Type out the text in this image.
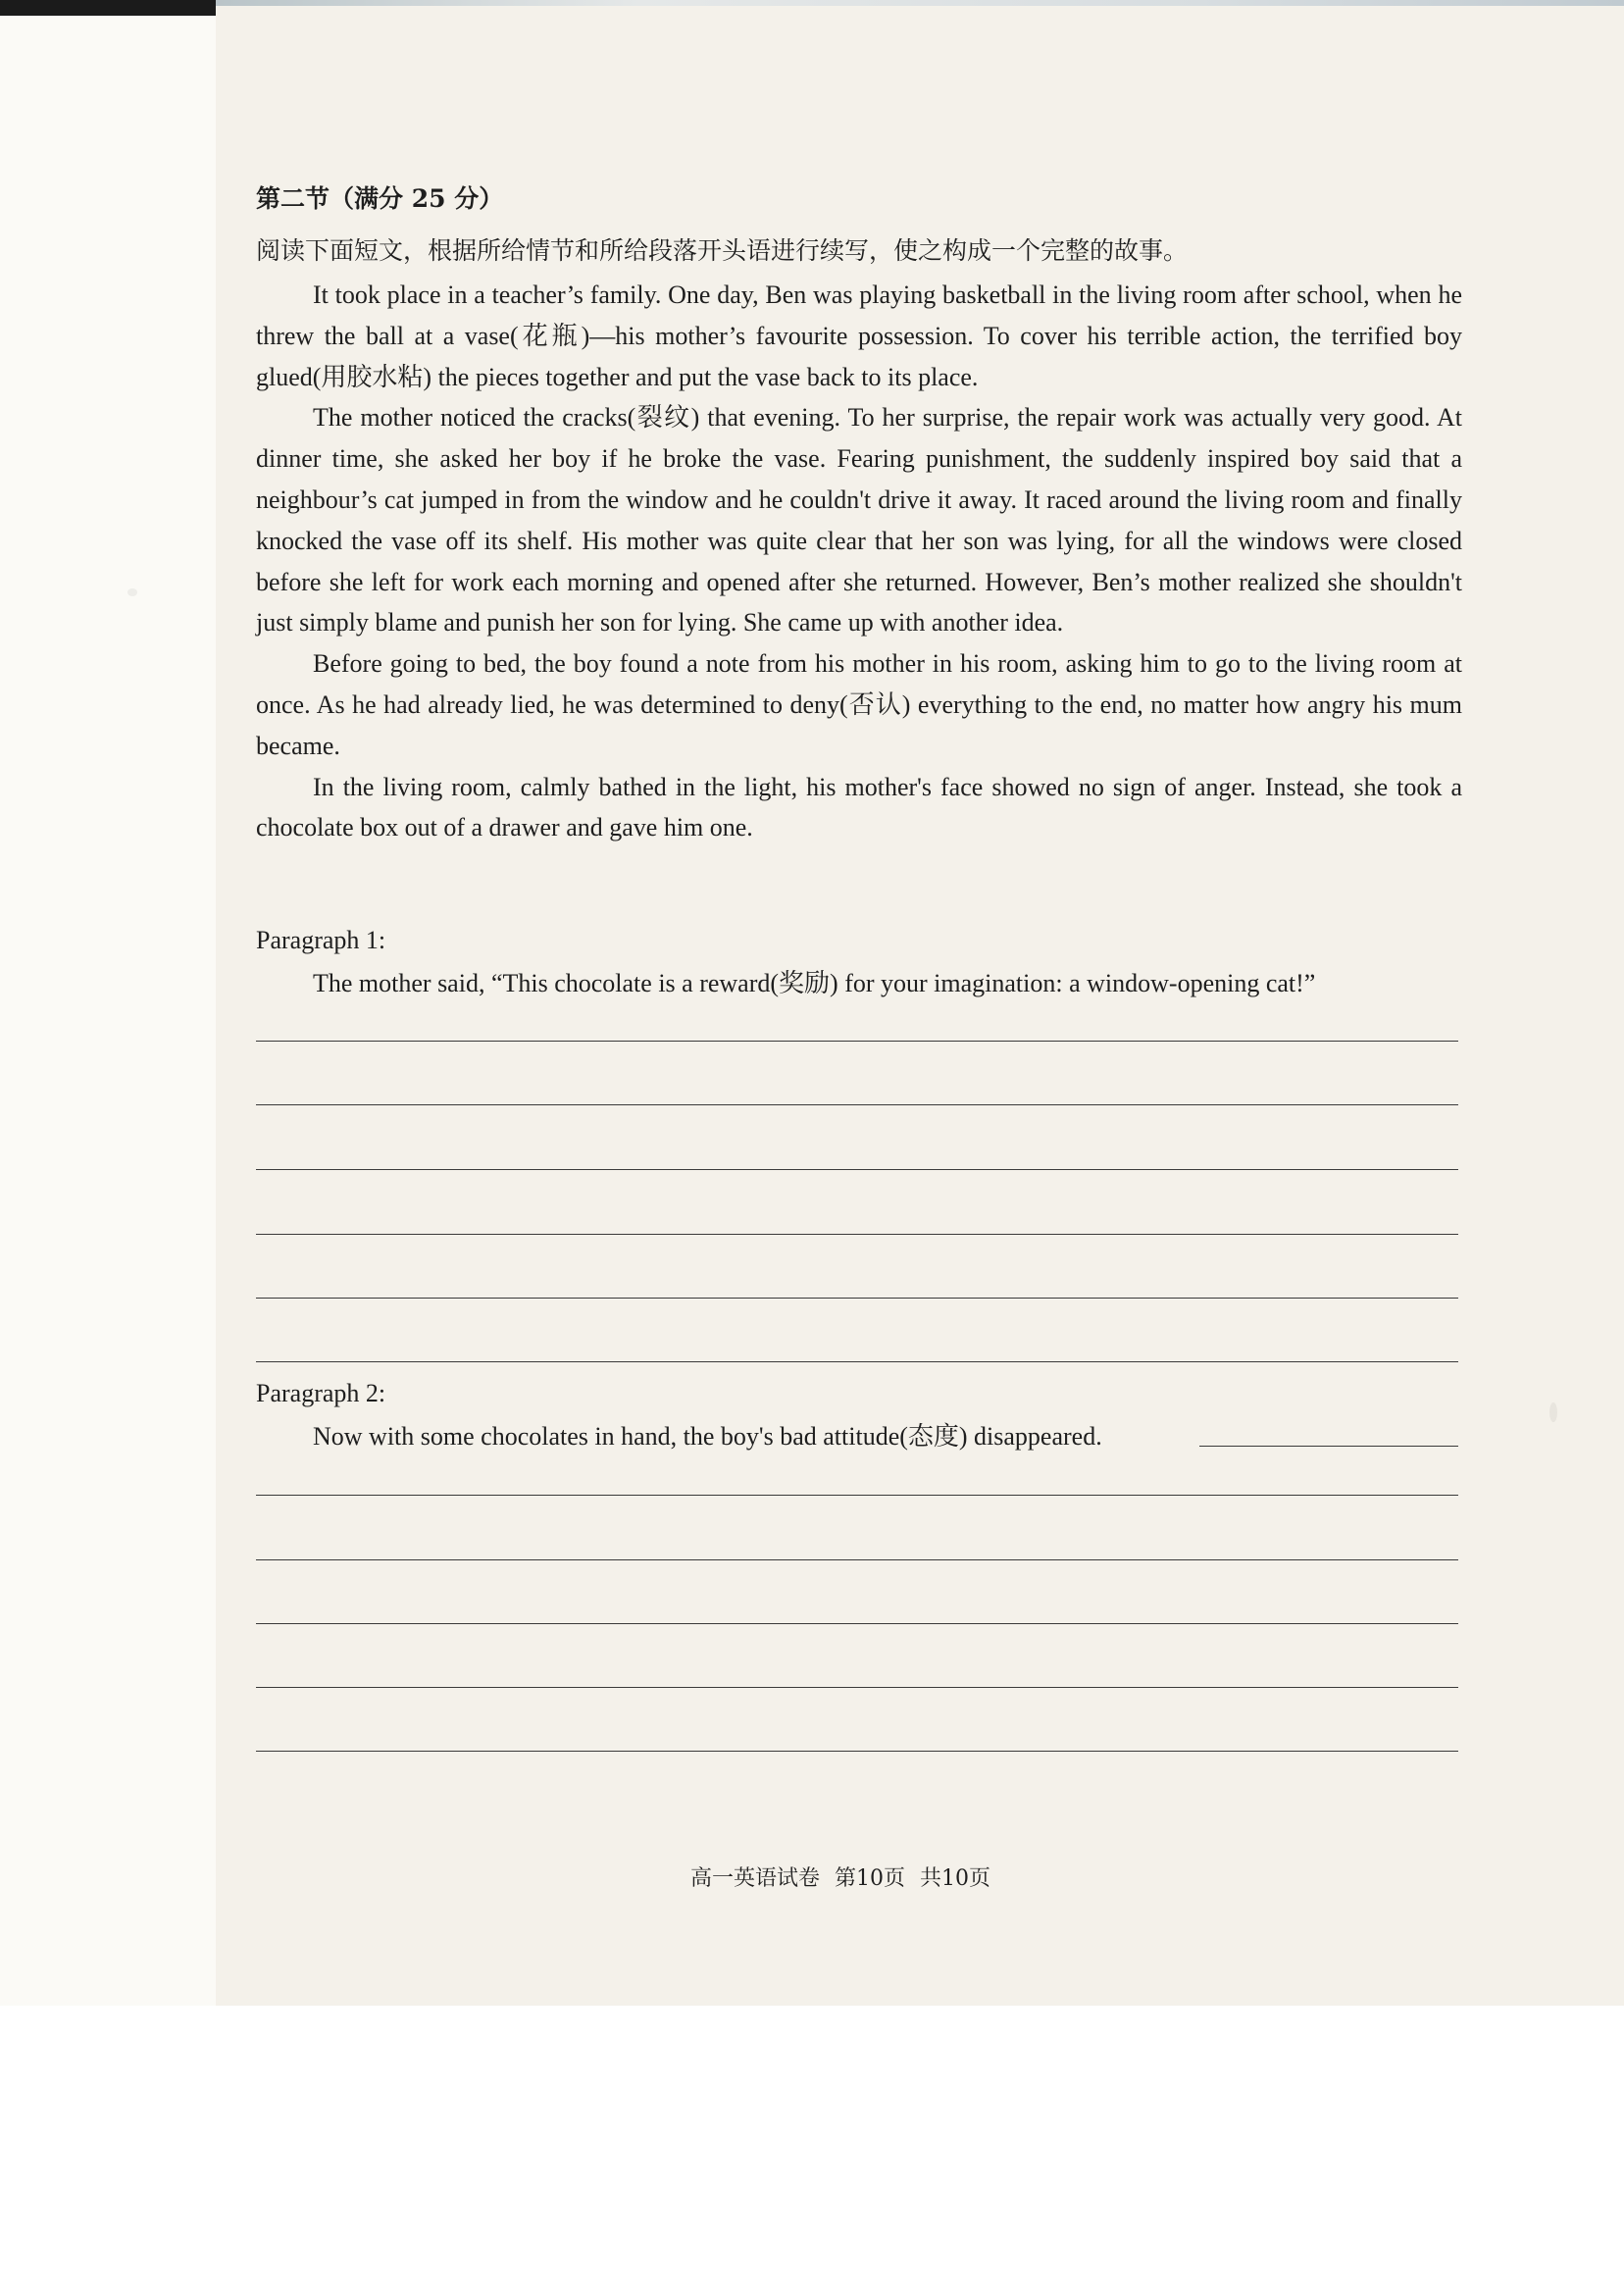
第二节（满分 25 分）
阅读下面短文，根据所给情节和所给段落开头语进行续写，使之构成一个完整的故事。

It took place in a teacher’s family. One day, Ben was playing basketball in the living room after school, when he threw the ball at a vase(花瓶)—his mother’s favourite possession. To cover his terrible action, the terrified boy glued(用胶水粘) the pieces together and put the vase back to its place.

The mother noticed the cracks(裂纹) that evening. To her surprise, the repair work was actually very good. At dinner time, she asked her boy if he broke the vase. Fearing punishment, the suddenly inspired boy said that a neighbour’s cat jumped in from the window and he couldn't drive it away. It raced around the living room and finally knocked the vase off its shelf. His mother was quite clear that her son was lying, for all the windows were closed before she left for work each morning and opened after she returned. However, Ben’s mother realized she shouldn't just simply blame and punish her son for lying. She came up with another idea.

Before going to bed, the boy found a note from his mother in his room, asking him to go to the living room at once. As he had already lied, he was determined to deny(否认) everything to the end, no matter how angry his mum became.

In the living room, calmly bathed in the light, his mother's face showed no sign of anger. Instead, she took a chocolate box out of a drawer and gave him one.

Paragraph 1:
The mother said, “This chocolate is a reward(奖励) for your imagination: a window-opening cat!”
Paragraph 2:
Now with some chocolates in hand, the boy's bad attitude(态度) disappeared.
高一英语试卷 第10页 共10页
